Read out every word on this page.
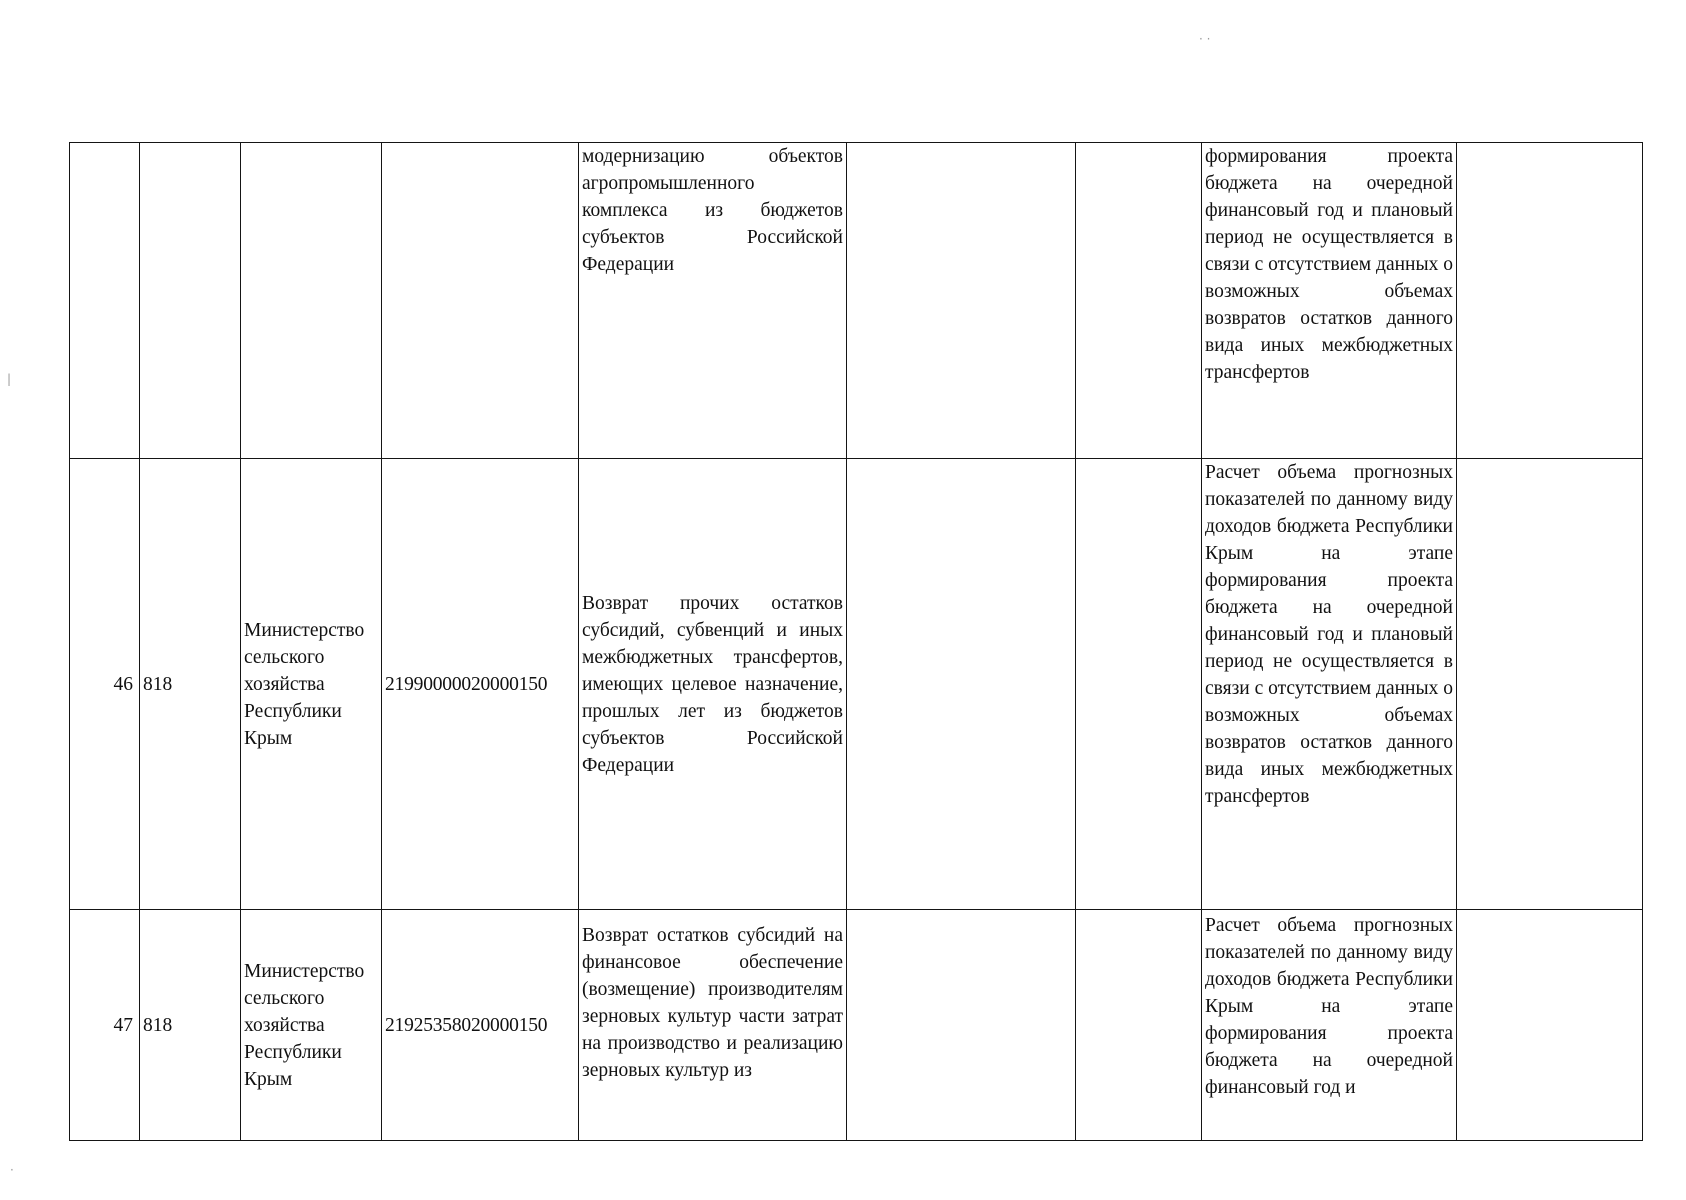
				модернизацию объектов агропромышленного комплекса из бюджетов субъектов Российской Федерации			формирования проекта бюджета на очередной финансовый год и плановый период не осуществляется в связи с отсутствием данных о возможных объемах возвратов остатков данного вида иных межбюджетных трансфертов	
46	818	Министерство сельского хозяйства Республики Крым	21990000020000150	Возврат прочих остатков субсидий, субвенций и иных межбюджетных трансфертов, имеющих целевое назначение, прошлых лет из бюджетов субъектов Российской Федерации			Расчет объема прогнозных показателей по данному виду доходов бюджета Республики Крым на этапе формирования проекта бюджета на очередной финансовый год и плановый период не осуществляется в связи с отсутствием данных о возможных объемах возвратов остатков данного вида иных межбюджетных трансфертов	
47	818	Министерство сельского хозяйства Республики Крым	21925358020000150	Возврат остатков субсидий на финансовое обеспечение (возмещение) производителям зерновых культур части затрат на производство и реализацию зерновых культур из			Расчет объема прогнозных показателей по данному виду доходов бюджета Республики Крым на этапе формирования проекта бюджета на очередной финансовый год и	
· ·
|
·
